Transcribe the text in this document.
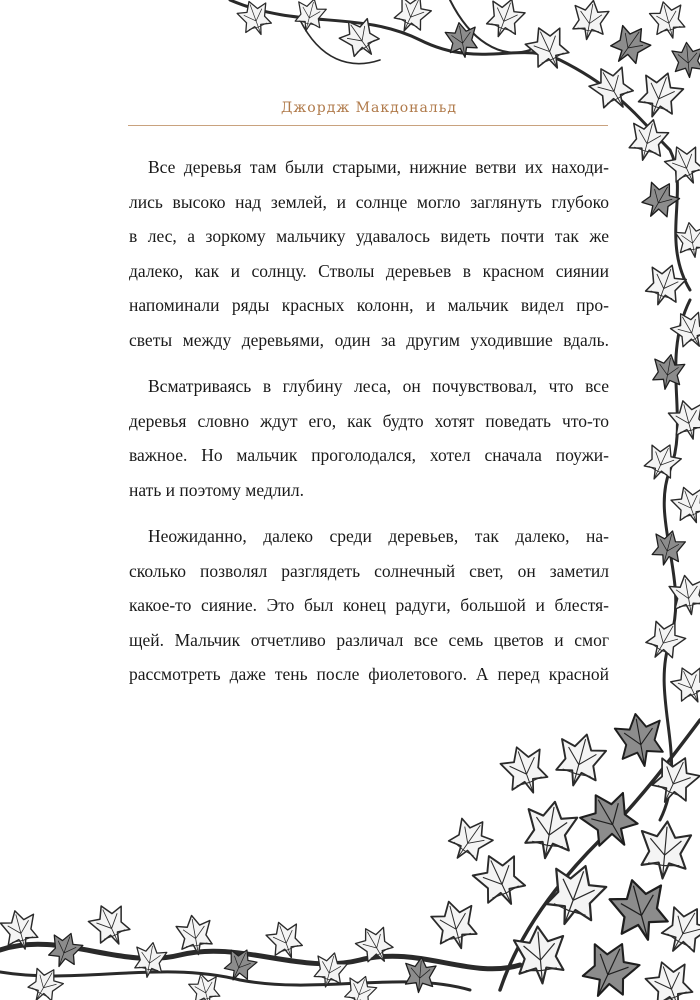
Джордж Макдональд

Все деревья там были старыми, нижние ветви их находи-
лись высоко над землей, и солнце могло заглянуть глубоко
в лес, а зоркому мальчику удавалось видеть почти так же
далеко, как и солнцу. Стволы деревьев в красном сиянии
напоминали ряды красных колонн, и мальчик видел про-
светы между деревьями, один за другим уходившие вдаль.

Всматриваясь в глубину леса, он почувствовал, что все
деревья словно ждут его, как будто хотят поведать что-то
важное. Но мальчик проголодался, хотел сначала поужи-
нать и поэтому медлил.

Неожиданно, далеко среди деревьев, так далеко, на-
сколько позволял разглядеть солнечный свет, он заметил
какое-то сияние. Это был конец радуги, большой и блестя-
щей. Мальчик отчетливо различал все семь цветов и смог
рассмотреть даже тень после фиолетового. А перед красной
